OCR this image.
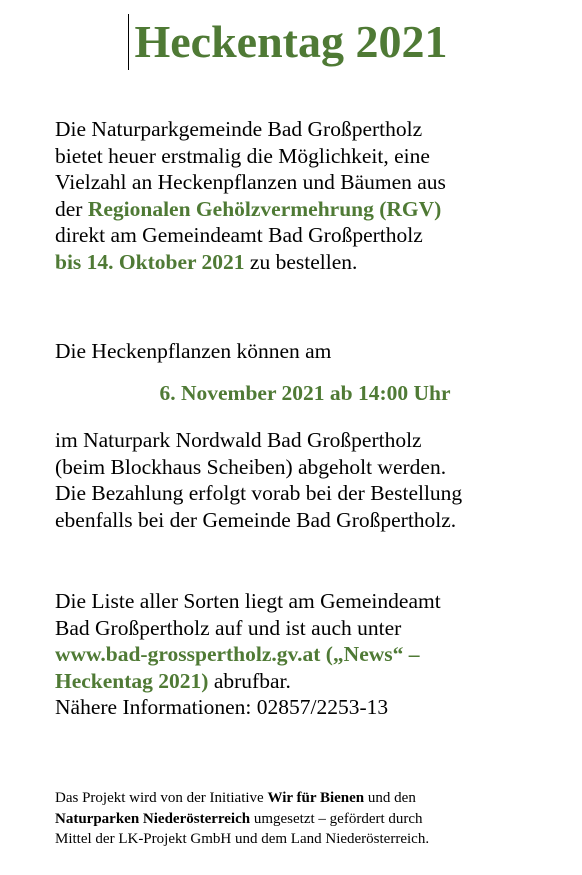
Heckentag 2021

Die Naturparkgemeinde Bad Großpertholz
bietet heuer erstmalig die Möglichkeit, eine
Vielzahl an Heckenpflanzen und Bäumen aus
der Regionalen Gehölzvermehrung (RGV)
direkt am Gemeindeamt Bad Großpertholz
bis 14. Oktober 2021 zu bestellen.

Die Heckenpflanzen können am

6. November 2021 ab 14:00 Uhr

im Naturpark Nordwald Bad Großpertholz
(beim Blockhaus Scheiben) abgeholt werden.
Die Bezahlung erfolgt vorab bei der Bestellung
ebenfalls bei der Gemeinde Bad Großpertholz.

Die Liste aller Sorten liegt am Gemeindeamt
Bad Großpertholz auf und ist auch unter
www.bad-grosspertholz.gv.at („News“ –
Heckentag 2021) abrufbar.
Nähere Informationen: 02857/2253-13

Das Projekt wird von der Initiative Wir für Bienen und den
Naturparken Niederösterreich umgesetzt – gefördert durch
Mittel der LK-Projekt GmbH und dem Land Niederösterreich.
